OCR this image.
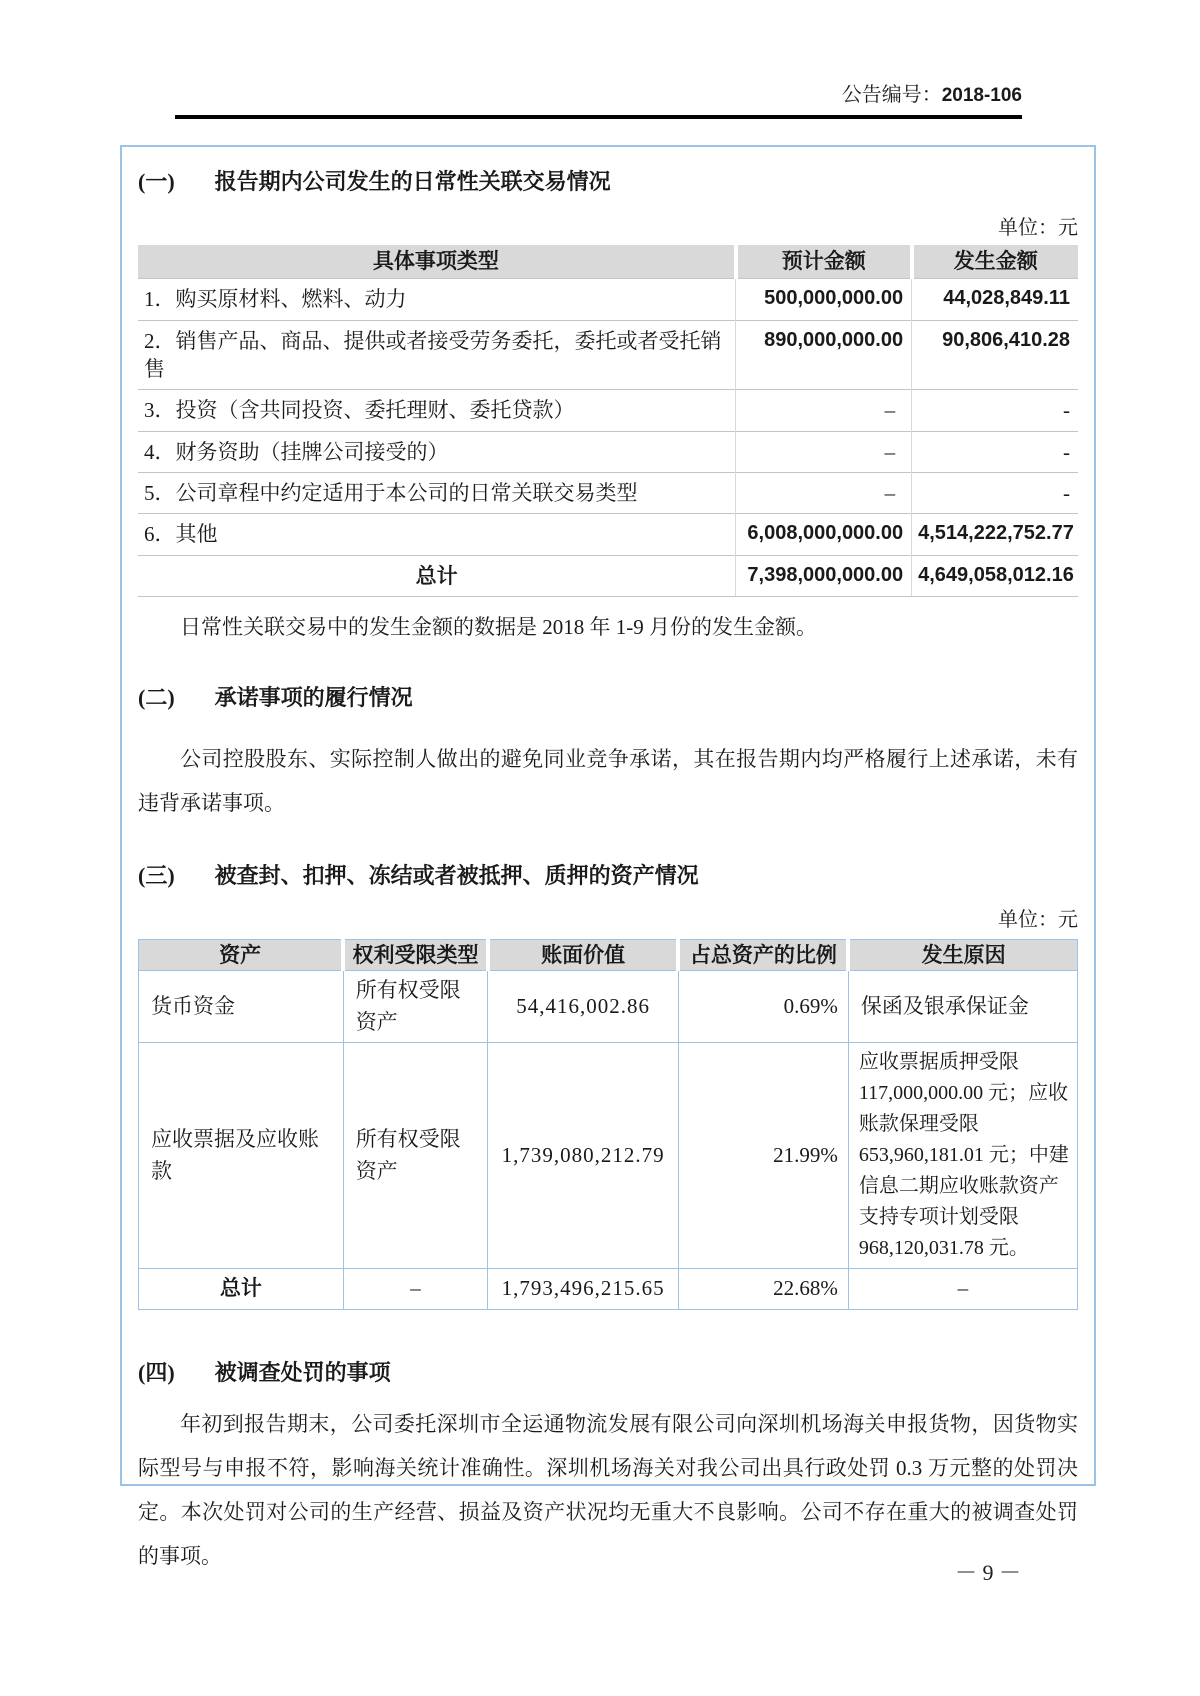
公告编号：2018-106
(一) 报告期内公司发生的日常性关联交易情况
单位：元
具体事项类型	预计金额	发生金额
1．购买原材料、燃料、动力	500,000,000.00	44,028,849.11
2．销售产品、商品、提供或者接受劳务委托，委托或者受托销售	890,000,000.00	90,806,410.28
3．投资（含共同投资、委托理财、委托贷款）	–	-
4．财务资助（挂牌公司接受的）	–	-
5．公司章程中约定适用于本公司的日常关联交易类型	–	-
6．其他	6,008,000,000.00	4,514,222,752.77
总计	7,398,000,000.00	4,649,058,012.16

日常性关联交易中的发生金额的数据是 2018 年 1-9 月份的发生金额。

(二) 承诺事项的履行情况

公司控股股东、实际控制人做出的避免同业竞争承诺，其在报告期内均严格履行上述承诺，未有违背承诺事项。

(三) 被查封、扣押、冻结或者被抵押、质押的资产情况
单位：元
资产	权利受限类型	账面价值	占总资产的比例	发生原因
货币资金	所有权受限资产	54,416,002.86	0.69%	保函及银承保证金
应收票据及应收账款	所有权受限资产	1,739,080,212.79	21.99%	应收票据质押受限 117,000,000.00 元；应收账款保理受限 653,960,181.01 元；中建信息二期应收账款资产支持专项计划受限 968,120,031.78 元。
总计	–	1,793,496,215.65	22.68%	–
(四) 被调查处罚的事项

年初到报告期末，公司委托深圳市全运通物流发展有限公司向深圳机场海关申报货物，因货物实际型号与申报不符，影响海关统计准确性。深圳机场海关对我公司出具行政处罚 0.3 万元整的处罚决定。本次处罚对公司的生产经营、损益及资产状况均无重大不良影响。公司不存在重大的被调查处罚的事项。

－ 9 －
